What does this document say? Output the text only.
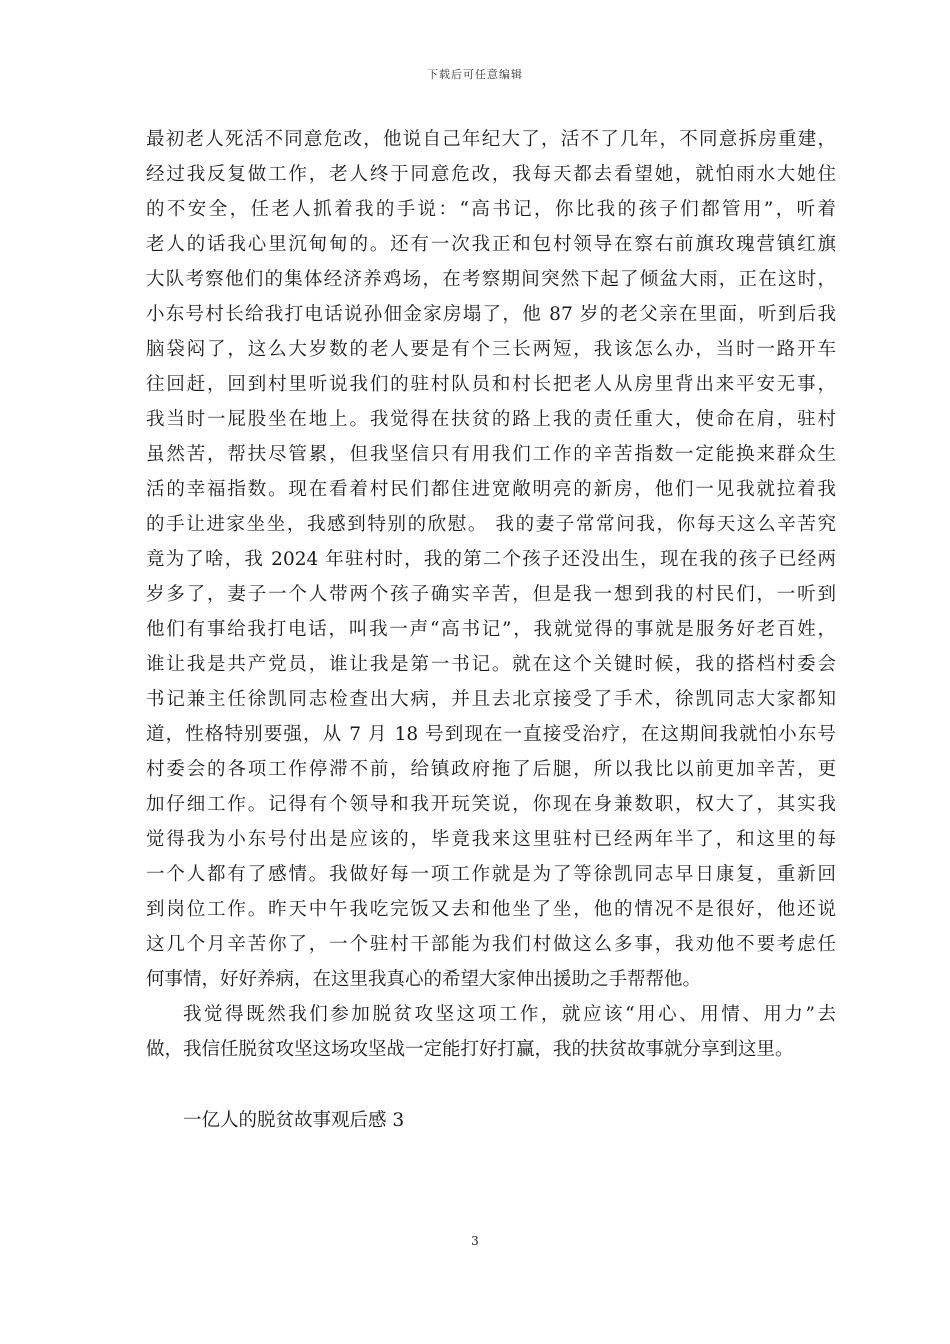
下载后可任意编辑
最初老人死活不同意危改，他说自己年纪大了，活不了几年，不同意拆房重建，
经过我反复做工作，老人终于同意危改，我每天都去看望她，就怕雨水大她住
的不安全，任老人抓着我的手说：“高书记，你比我的孩子们都管用”，听着
老人的话我心里沉甸甸的。还有一次我正和包村领导在察右前旗玫瑰营镇红旗
大队考察他们的集体经济养鸡场，在考察期间突然下起了倾盆大雨，正在这时，
小东号村长给我打电话说孙佃金家房塌了，他 87 岁的老父亲在里面，听到后我
脑袋闷了，这么大岁数的老人要是有个三长两短，我该怎么办，当时一路开车
往回赶，回到村里听说我们的驻村队员和村长把老人从房里背出来平安无事，
我当时一屁股坐在地上。我觉得在扶贫的路上我的责任重大，使命在肩，驻村
虽然苦，帮扶尽管累，但我坚信只有用我们工作的辛苦指数一定能换来群众生
活的幸福指数。现在看着村民们都住进宽敞明亮的新房，他们一见我就拉着我
的手让进家坐坐，我感到特别的欣慰。 我的妻子常常问我，你每天这么辛苦究
竟为了啥，我 2024 年驻村时，我的第二个孩子还没出生，现在我的孩子已经两
岁多了，妻子一个人带两个孩子确实辛苦，但是我一想到我的村民们，一听到
他们有事给我打电话，叫我一声“高书记”，我就觉得的事就是服务好老百姓，
谁让我是共产党员，谁让我是第一书记。就在这个关键时候，我的搭档村委会
书记兼主任徐凯同志检查出大病，并且去北京接受了手术，徐凯同志大家都知
道，性格特别要强，从 7 月 18 号到现在一直接受治疗，在这期间我就怕小东号
村委会的各项工作停滞不前，给镇政府拖了后腿，所以我比以前更加辛苦，更
加仔细工作。记得有个领导和我开玩笑说，你现在身兼数职，权大了，其实我
觉得我为小东号付出是应该的，毕竟我来这里驻村已经两年半了，和这里的每
一个人都有了感情。我做好每一项工作就是为了等徐凯同志早日康复，重新回
到岗位工作。昨天中午我吃完饭又去和他坐了坐，他的情况不是很好，他还说
这几个月辛苦你了，一个驻村干部能为我们村做这么多事，我劝他不要考虑任
何事情，好好养病，在这里我真心的希望大家伸出援助之手帮帮他。
我觉得既然我们参加脱贫攻坚这项工作，就应该“用心、用情、用力”去
做，我信任脱贫攻坚这场攻坚战一定能打好打赢，我的扶贫故事就分享到这里。
一亿人的脱贫故事观后感 3
3
